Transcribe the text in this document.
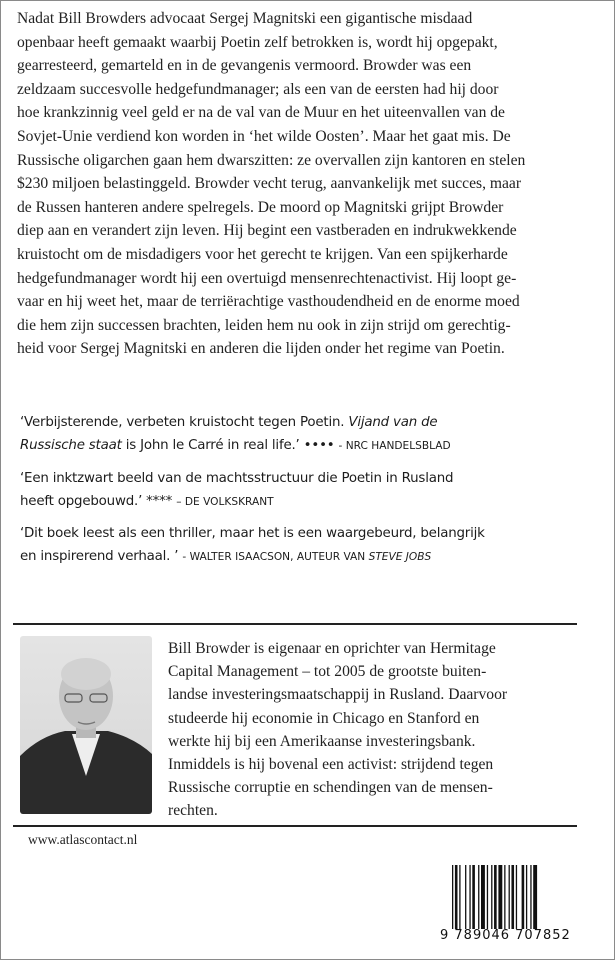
Nadat Bill Browders advocaat Sergej Magnitski een gigantische misdaad
openbaar heeft gemaakt waarbij Poetin zelf betrokken is, wordt hij opgepakt,
gearresteerd, gemarteld en in de gevangenis vermoord. Browder was een
zeldzaam succesvolle hedgefundmanager; als een van de eersten had hij door
hoe krankzinnig veel geld er na de val van de Muur en het uiteenvallen van de
Sovjet-Unie verdiend kon worden in ‘het wilde Oosten’. Maar het gaat mis. De
Russische oligarchen gaan hem dwarszitten: ze overvallen zijn kantoren en stelen
$230 miljoen belastinggeld. Browder vecht terug, aanvankelijk met succes, maar
de Russen hanteren andere spelregels. De moord op Magnitski grijpt Browder
diep aan en verandert zijn leven. Hij begint een vastberaden en indrukwekkende
kruistocht om de misdadigers voor het gerecht te krijgen. Van een spijkerharde
hedgefundmanager wordt hij een overtuigd mensenrechtenactivist. Hij loopt ge-
vaar en hij weet het, maar de terriërachtige vasthoudendheid en de enorme moed
die hem zijn successen brachten, leiden hem nu ook in zijn strijd om gerechtig-
heid voor Sergej Magnitski en anderen die lijden onder het regime van Poetin.
‘Verbijsterende, verbeten kruistocht tegen Poetin. Vijand van de
Russische staat is John le Carré in real life.’ •••• - NRC HANDELSBLAD
‘Een inktzwart beeld van de machtsstructuur die Poetin in Rusland
heeft opgebouwd.’ **** – DE VOLKSKRANT
‘Dit boek leest als een thriller, maar het is een waargebeurd, belangrijk
en inspirerend verhaal. ’ - WALTER ISAACSON, AUTEUR VAN STEVE JOBS
Bill Browder is eigenaar en oprichter van Hermitage
Capital Management – tot 2005 de grootste buiten-
landse investeringsmaatschappij in Rusland. Daarvoor
studeerde hij economie in Chicago en Stanford en
werkte hij bij een Amerikaanse investeringsbank.
Inmiddels is hij bovenal een activist: strijdend tegen
Russische corruptie en schendingen van de mensen-
rechten.
www.atlascontact.nl
9 789046 707852
